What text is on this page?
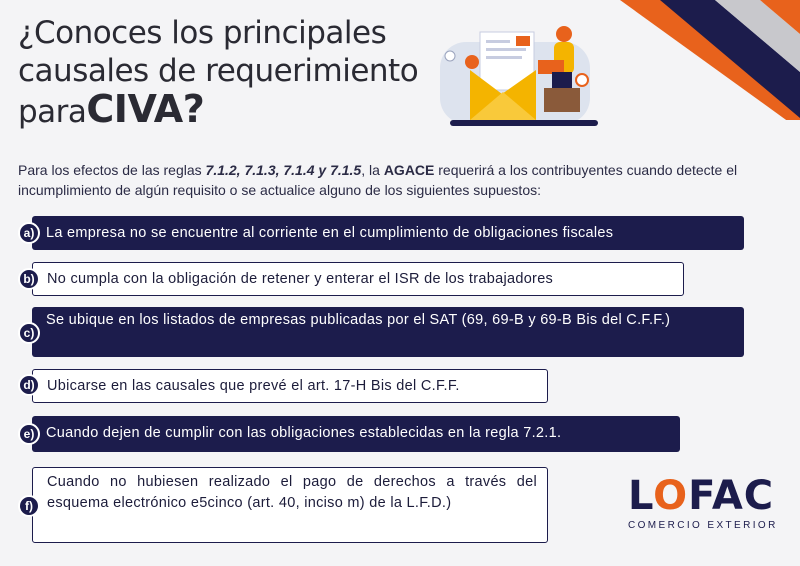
¿Conoces los principales
causales de requerimiento
paraCIVA?

Para los efectos de las reglas 7.1.2, 7.1.3, 7.1.4 y 7.1.5, la AGACE requerirá a los contribuyentes cuando detecte el incumplimiento de algún requisito o se actualice alguno de los siguientes supuestos:

a) La empresa no se encuentre al corriente en el cumplimiento de obligaciones fiscales
b) No cumpla con la obligación de retener y enterar el ISR de los trabajadores
c)
Se ubique en los listados de empresas publicadas por el SAT (69, 69-B y 69-B Bis del C.F.F.)
d) Ubicarse en las causales que prevé el art. 17-H Bis del C.F.F.
e) Cuando dejen de cumplir con las obligaciones establecidas en la regla 7.2.1.
f)
Cuando no hubiesen realizado el pago de derechos a través del esquema electrónico e5cinco (art. 40, inciso m) de la L.F.D.)	LOFAC
COMERCIO EXTERIOR
